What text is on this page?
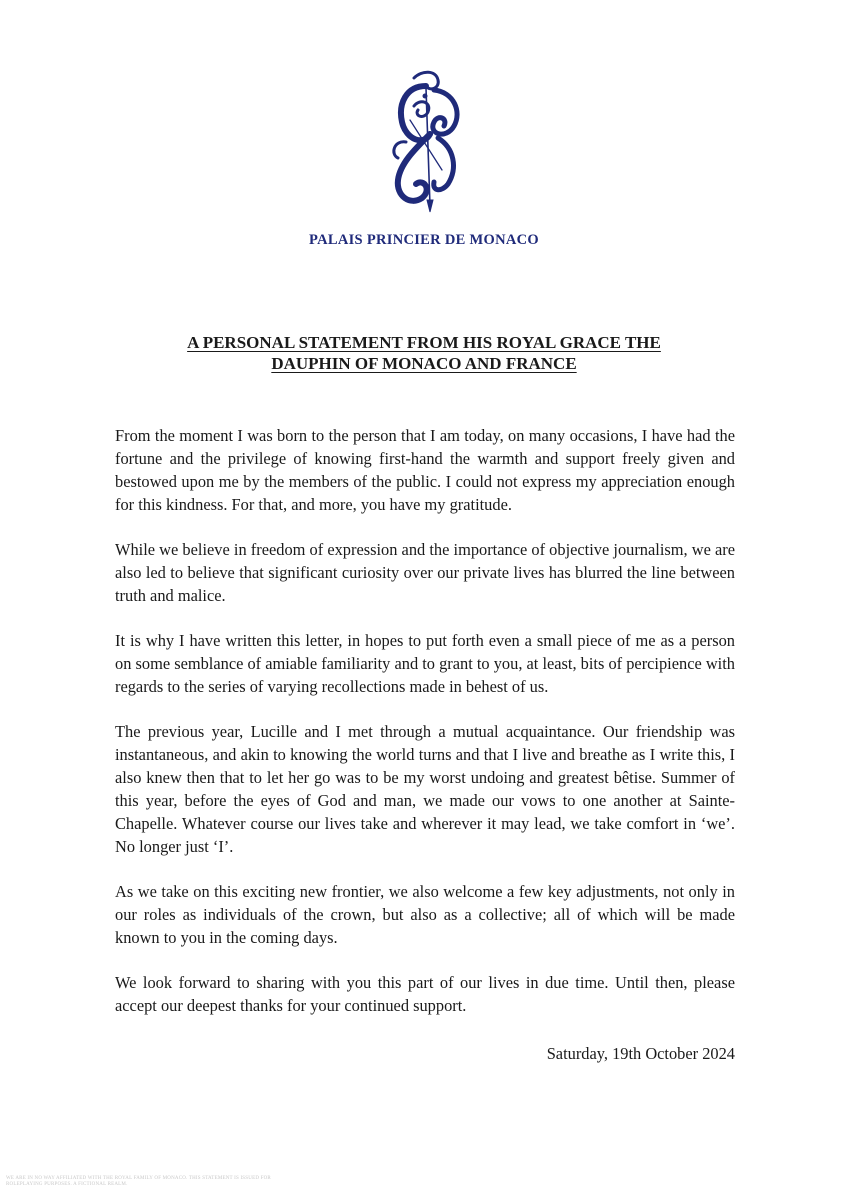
PALAIS PRINCIER DE MONACO
A PERSONAL STATEMENT FROM HIS ROYAL GRACE THE
DAUPHIN OF MONACO AND FRANCE

From the moment I was born to the person that I am today, on many occasions, I have had the fortune and the privilege of knowing first-hand the warmth and support freely given and bestowed upon me by the members of the public. I could not express my appreciation enough for this kindness. For that, and more, you have my gratitude.

While we believe in freedom of expression and the importance of objective journalism, we are also led to believe that significant curiosity over our private lives has blurred the line between truth and malice.

It is why I have written this letter, in hopes to put forth even a small piece of me as a person on some semblance of amiable familiarity and to grant to you, at least, bits of percipience with regards to the series of varying recollections made in behest of us.

The previous year, Lucille and I met through a mutual acquaintance. Our friendship was instantaneous, and akin to knowing the world turns and that I live and breathe as I write this, I also knew then that to let her go was to be my worst undoing and greatest bêtise. Summer of this year, before the eyes of God and man, we made our vows to one another at Sainte-Chapelle. Whatever course our lives take and wherever it may lead, we take comfort in ‘we’. No longer just ‘I’.

As we take on this exciting new frontier, we also welcome a few key adjustments, not only in our roles as individuals of the crown, but also as a collective; all of which will be made known to you in the coming days.

We look forward to sharing with you this part of our lives in due time. Until then, please accept our deepest thanks for your continued support.

Saturday, 19th October 2024
WE ARE IN NO WAY AFFILIATED WITH THE ROYAL FAMILY OF MONACO. THIS STATEMENT IS ISSUED FOR ROLEPLAYING PURPOSES. A FICTIONAL REALM.
